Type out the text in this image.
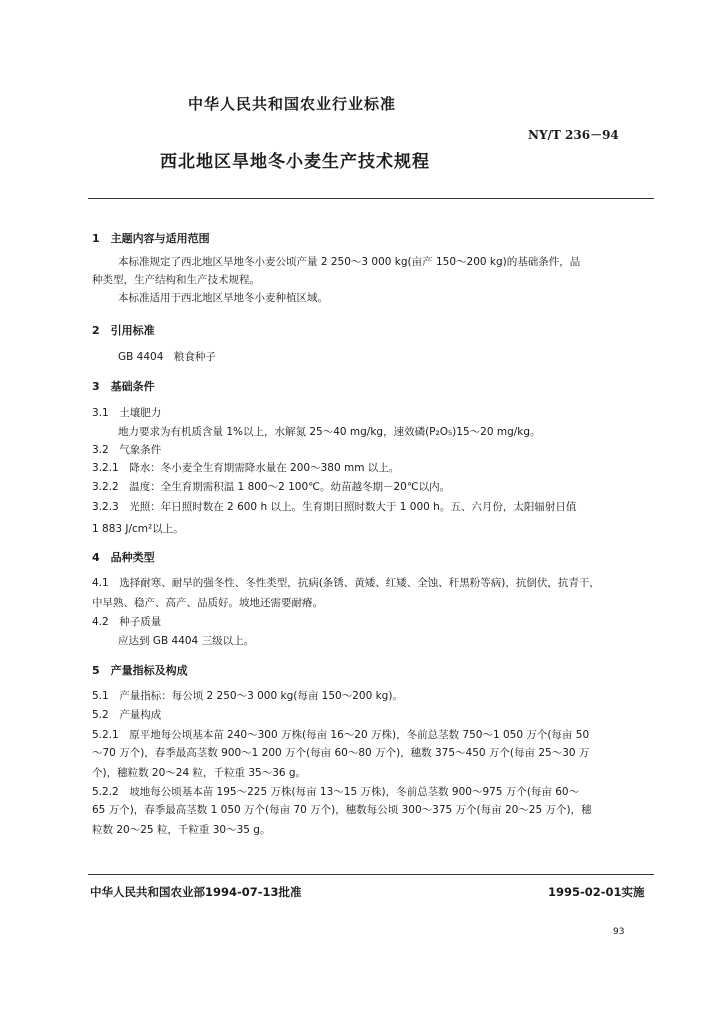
中华人民共和国农业行业标准
NY/T 236－94
西北地区旱地冬小麦生产技术规程
1　主题内容与适用范围
本标准规定了西北地区旱地冬小麦公顷产量 2 250～3 000 kg(亩产 150～200 kg)的基础条件，品
种类型，生产结构和生产技术规程。
本标准适用于西北地区旱地冬小麦种植区域。
2　引用标准
GB 4404　粮食种子
3　基础条件
3.1　土壤肥力
地力要求为有机质含量 1%以上，水解氮 25～40 mg/kg，速效磷(P₂O₅)15～20 mg/kg。
3.2　气象条件
3.2.1　降水：冬小麦全生育期需降水量在 200～380 mm 以上。
3.2.2　温度：全生育期需积温 1 800～2 100℃。幼苗越冬期－20℃以内。
3.2.3　光照：年日照时数在 2 600 h 以上。生育期日照时数大于 1 000 h。五、六月份，太阳辐射日值
1 883 J/cm²以上。
4　品种类型
4.1　选择耐寒、耐旱的强冬性、冬性类型，抗病(条锈、黄矮、红矮、全蚀、秆黑粉等病)，抗倒伏，抗青干，
中早熟、稳产、高产、品质好。坡地还需要耐瘠。
4.2　种子质量
应达到 GB 4404 三级以上。
5　产量指标及构成
5.1　产量指标：每公顷 2 250～3 000 kg(每亩 150～200 kg)。
5.2　产量构成
5.2.1　原平地每公顷基本苗 240～300 万株(每亩 16～20 万株)，冬前总茎数 750～1 050 万个(每亩 50
～70 万个)，春季最高茎数 900～1 200 万个(每亩 60～80 万个)，穗数 375～450 万个(每亩 25～30 万
个)，穗粒数 20～24 粒，千粒重 35～36 g。
5.2.2　坡地每公顷基本苗 195～225 万株(每亩 13～15 万株)，冬前总茎数 900～975 万个(每亩 60～
65 万个)，春季最高茎数 1 050 万个(每亩 70 万个)，穗数每公顷 300～375 万个(每亩 20～25 万个)，穗
粒数 20～25 粒，千粒重 30～35 g。
中华人民共和国农业部1994-07-13批准	1995-02-01实施
93
